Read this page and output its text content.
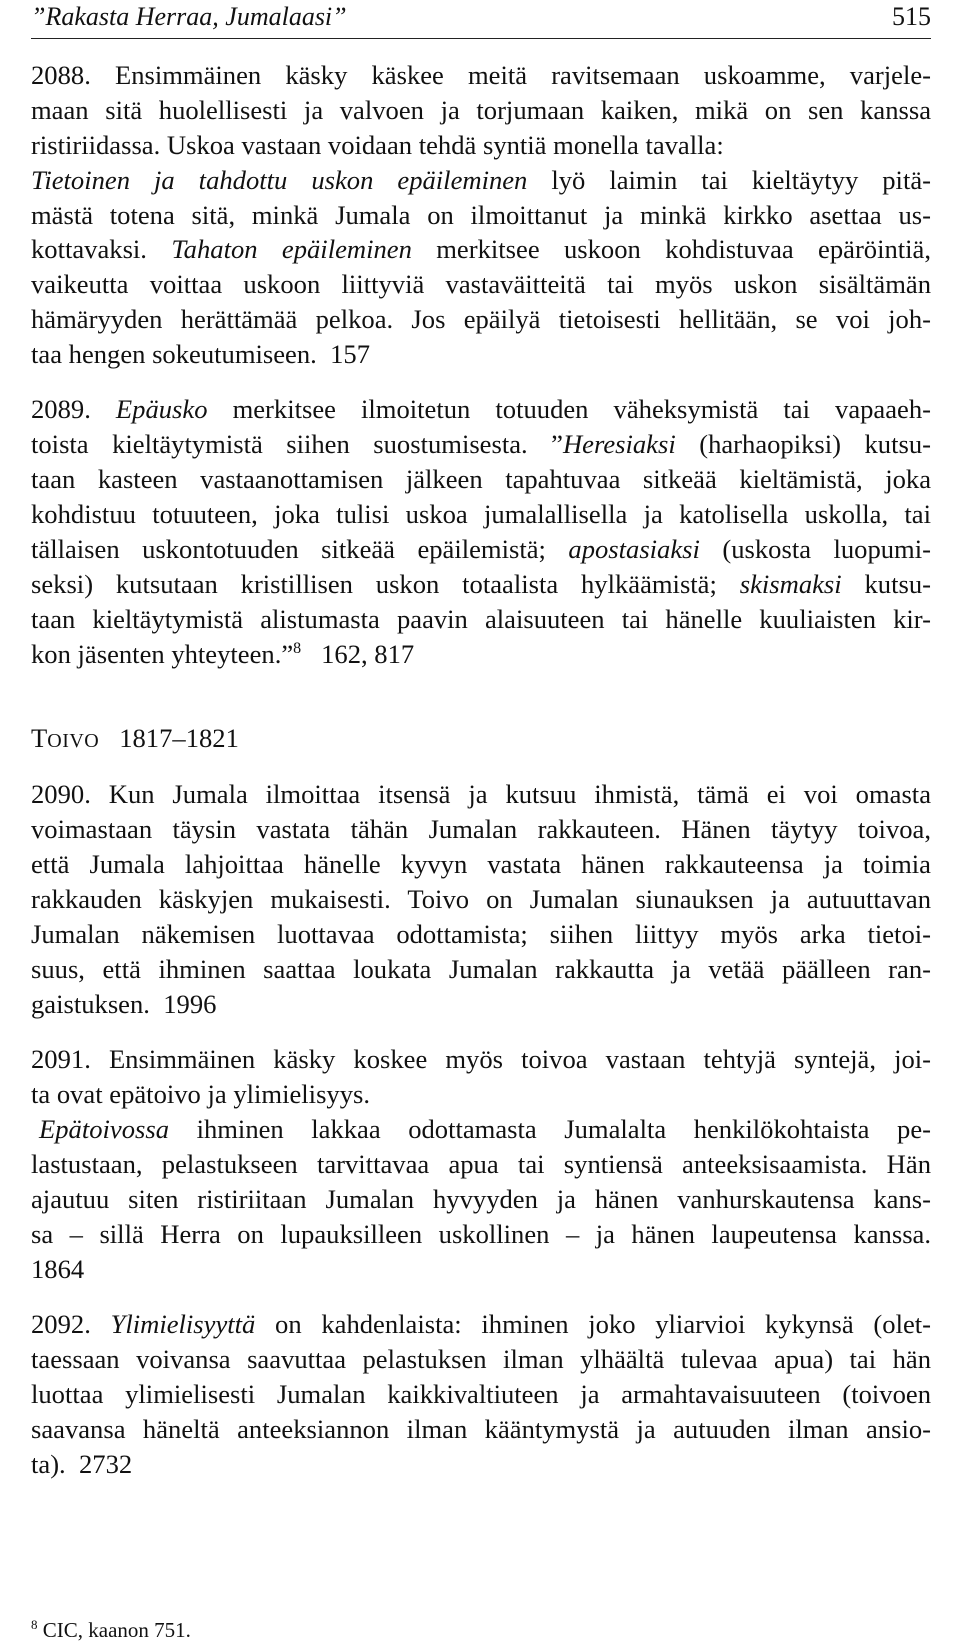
”Rakasta Herraa, Jumalaasi”	515
2088. Ensimmäinen käsky käskee meitä ravitsemaan uskoamme, varjele-
maan sitä huolellisesti ja valvoen ja torjumaan kaiken, mikä on sen kanssa
ristiriidassa. Uskoa vastaan voidaan tehdä syntiä monella tavalla:
Tietoinen ja tahdottu uskon epäileminen lyö laimin tai kieltäytyy pitä-
mästä totena sitä, minkä Jumala on ilmoittanut ja minkä kirkko asettaa us-
kottavaksi. Tahaton epäileminen merkitsee uskoon kohdistuvaa epäröintiä,
vaikeutta voittaa uskoon liittyviä vastaväitteitä tai myös uskon sisältämän
hämäryyden herättämää pelkoa. Jos epäilyä tietoisesti hellitään, se voi joh-
taa hengen sokeutumiseen. 157
2089. Epäusko merkitsee ilmoitetun totuuden väheksymistä tai vapaaeh-
toista kieltäytymistä siihen suostumisesta. ”Heresiaksi (harhaopiksi) kutsu-
taan kasteen vastaanottamisen jälkeen tapahtuvaa sitkeää kieltämistä, joka
kohdistuu totuuteen, joka tulisi uskoa jumalallisella ja katolisella uskolla, tai
tällaisen uskontotuuden sitkeää epäilemistä; apostasiaksi (uskosta luopumi-
seksi) kutsutaan kristillisen uskon totaalista hylkäämistä; skismaksi kutsu-
taan kieltäytymistä alistumasta paavin alaisuuteen tai hänelle kuuliaisten kir-
kon jäsenten yhteyteen.”$^8$ 162, 817
TOIVO 1817–1821
2090. Kun Jumala ilmoittaa itsensä ja kutsuu ihmistä, tämä ei voi omasta
voimastaan täysin vastata tähän Jumalan rakkauteen. Hänen täytyy toivoa,
että Jumala lahjoittaa hänelle kyvyn vastata hänen rakkauteensa ja toimia
rakkauden käskyjen mukaisesti. Toivo on Jumalan siunauksen ja autuuttavan
Jumalan näkemisen luottavaa odottamista; siihen liittyy myös arka tietoi-
suus, että ihminen saattaa loukata Jumalan rakkautta ja vetää päälleen ran-
gaistuksen. 1996
2091. Ensimmäinen käsky koskee myös toivoa vastaan tehtyjä syntejä, joi-
ta ovat epätoivo ja ylimielisyys.
Epätoivossa ihminen lakkaa odottamasta Jumalalta henkilökohtaista pe-
lastustaan, pelastukseen tarvittavaa apua tai syntiensä anteeksisaamista. Hän
ajautuu siten ristiriitaan Jumalan hyvyyden ja hänen vanhurskautensa kans-
sa – sillä Herra on lupauksilleen uskollinen – ja hänen laupeutensa kanssa.
1864
2092. Ylimielisyyttä on kahdenlaista: ihminen joko yliarvioi kykynsä (olet-
taessaan voivansa saavuttaa pelastuksen ilman ylhäältä tulevaa apua) tai hän
luottaa ylimielisesti Jumalan kaikkivaltiuteen ja armahtavaisuuteen (toivoen
saavansa häneltä anteeksiannon ilman kääntymystä ja autuuden ilman ansio-
ta). 2732
$^8$ CIC, kaanon 751.
